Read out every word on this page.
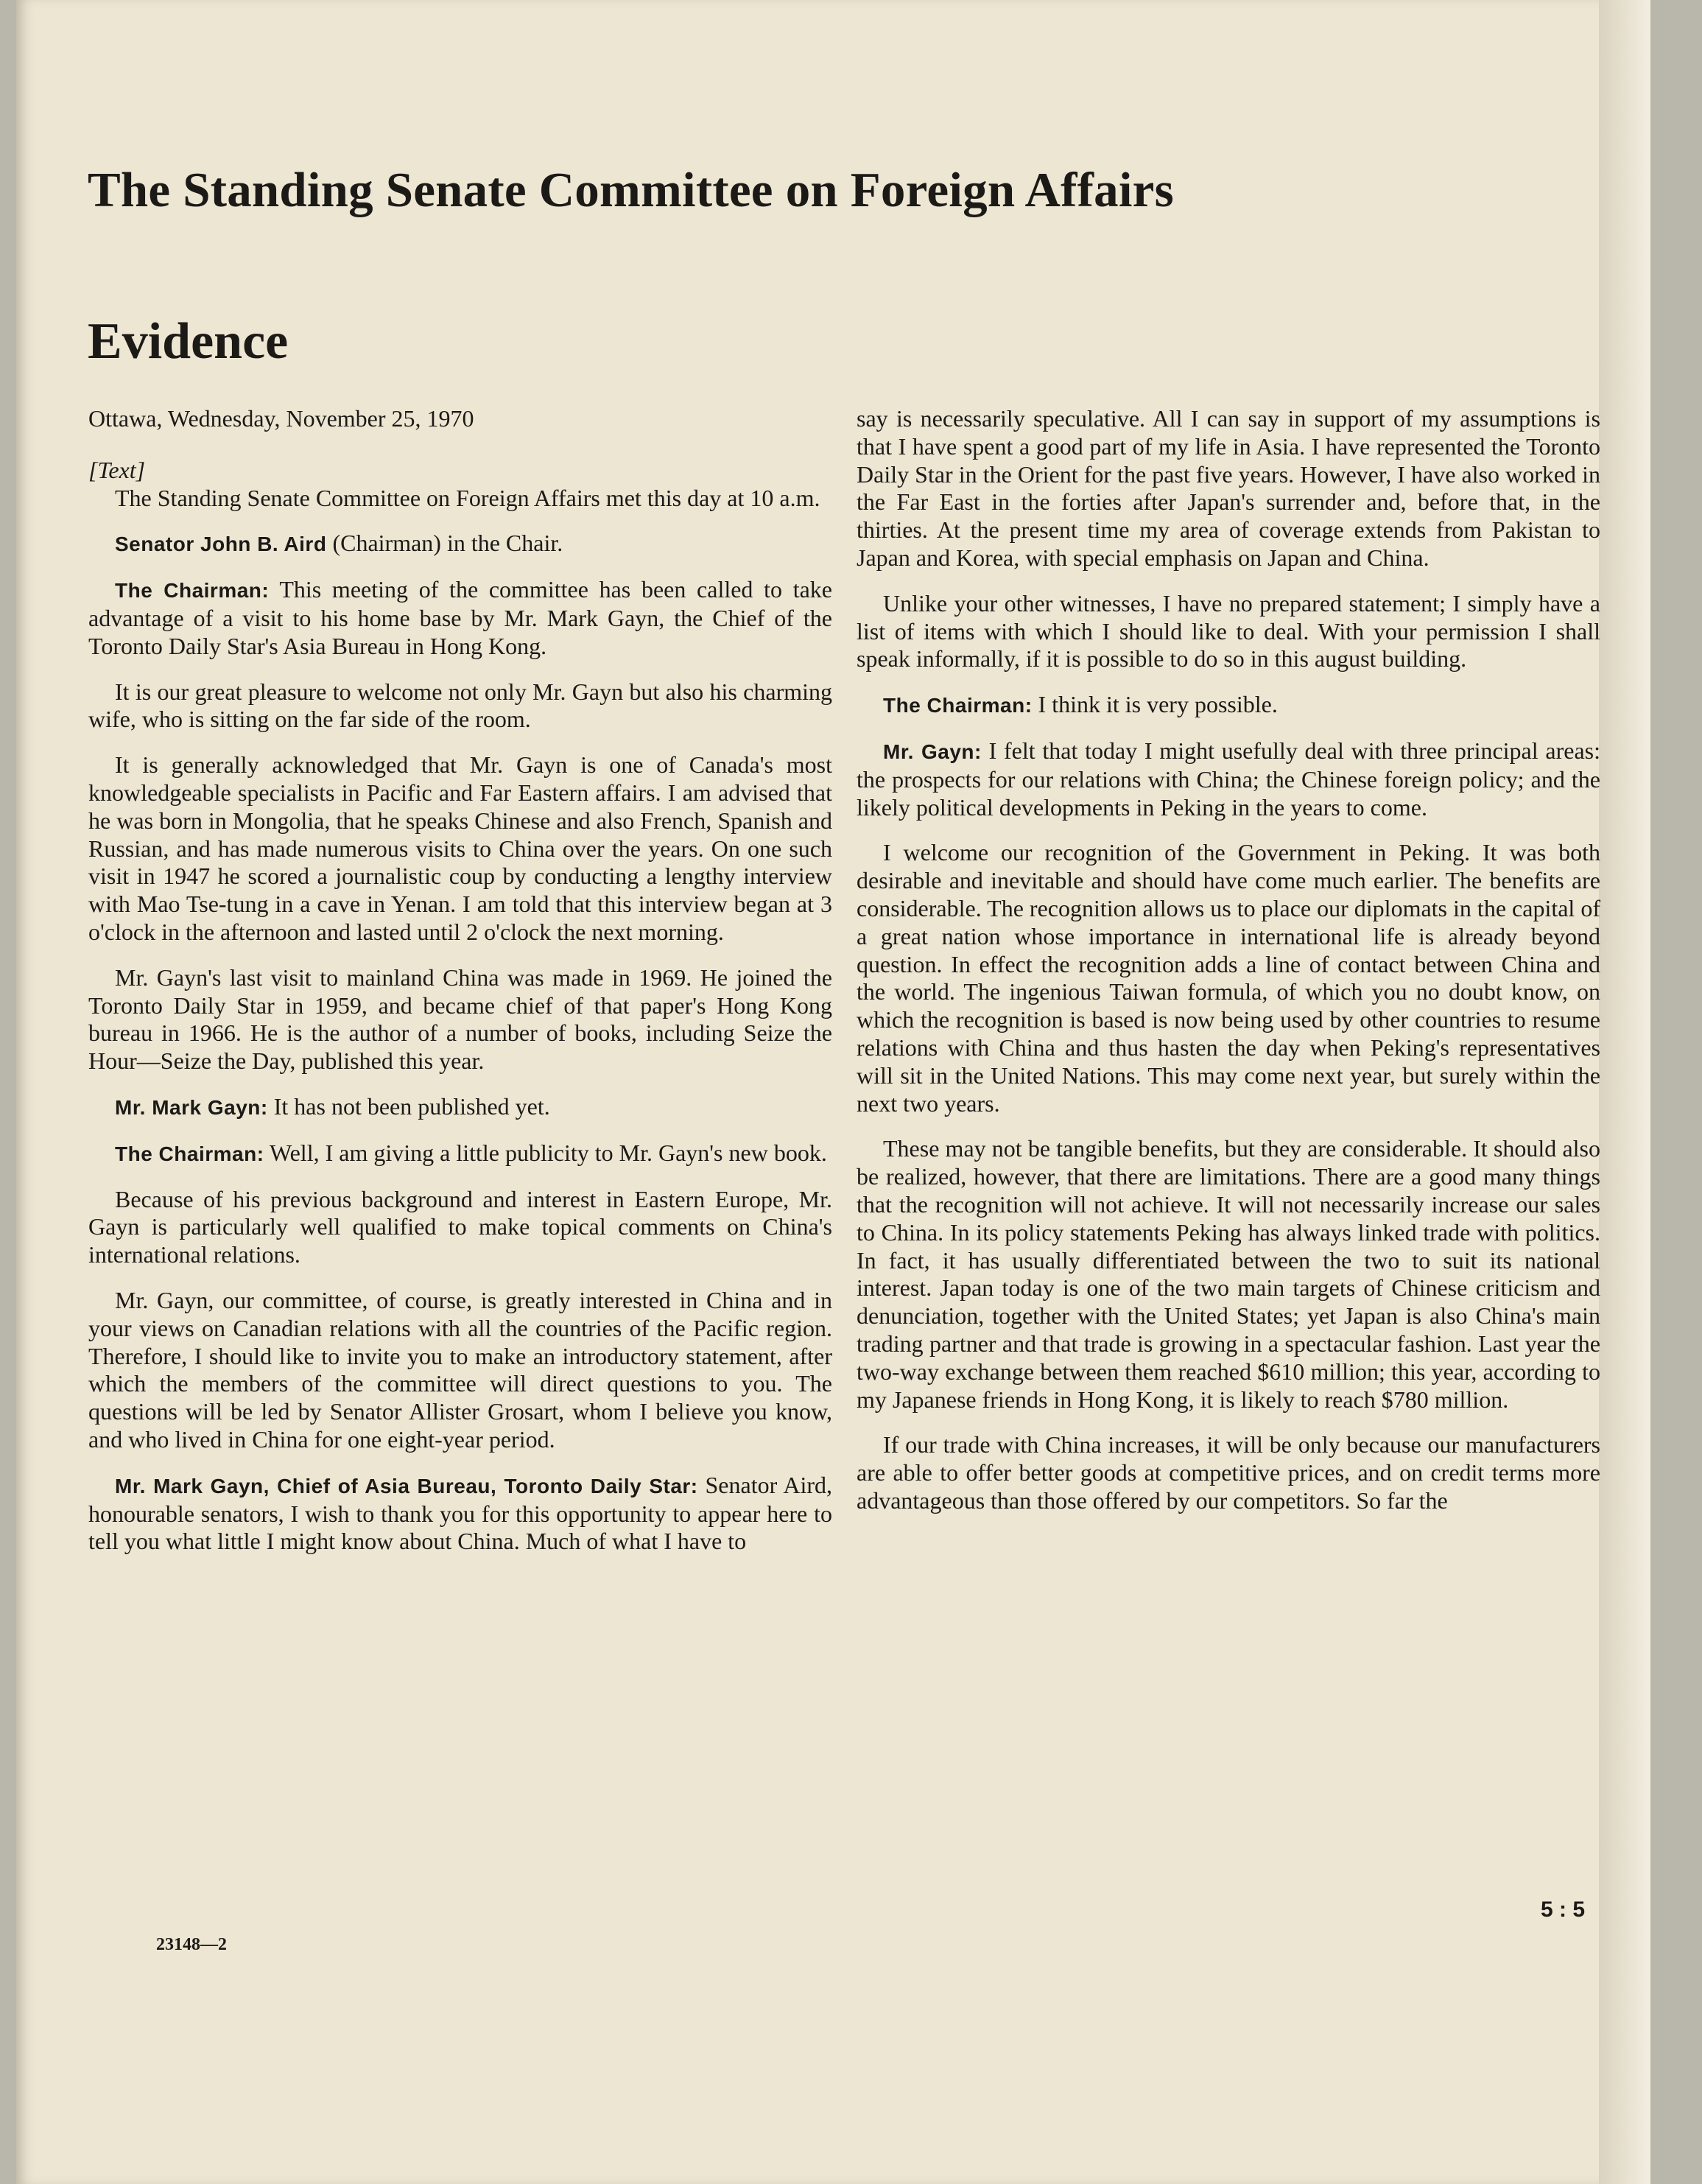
The Standing Senate Committee on Foreign Affairs
Evidence

Ottawa, Wednesday, November 25, 1970

[Text]

The Standing Senate Committee on Foreign Affairs met this day at 10 a.m.

Senator John B. Aird (Chairman) in the Chair.

The Chairman: This meeting of the committee has been called to take advantage of a visit to his home base by Mr. Mark Gayn, the Chief of the Toronto Daily Star's Asia Bureau in Hong Kong.

It is our great pleasure to welcome not only Mr. Gayn but also his charming wife, who is sitting on the far side of the room.

It is generally acknowledged that Mr. Gayn is one of Canada's most knowledgeable specialists in Pacific and Far Eastern affairs. I am advised that he was born in Mongolia, that he speaks Chinese and also French, Spanish and Russian, and has made numerous visits to China over the years. On one such visit in 1947 he scored a journalistic coup by conducting a lengthy interview with Mao Tse-tung in a cave in Yenan. I am told that this interview began at 3 o'clock in the afternoon and lasted until 2 o'clock the next morning.

Mr. Gayn's last visit to mainland China was made in 1969. He joined the Toronto Daily Star in 1959, and became chief of that paper's Hong Kong bureau in 1966. He is the author of a number of books, including Seize the Hour—Seize the Day, published this year.

Mr. Mark Gayn: It has not been published yet.

The Chairman: Well, I am giving a little publicity to Mr. Gayn's new book.

Because of his previous background and interest in Eastern Europe, Mr. Gayn is particularly well qualified to make topical comments on China's international relations.

Mr. Gayn, our committee, of course, is greatly interested in China and in your views on Canadian relations with all the countries of the Pacific region. Therefore, I should like to invite you to make an introductory statement, after which the members of the committee will direct questions to you. The questions will be led by Senator Allister Grosart, whom I believe you know, and who lived in China for one eight-year period.

Mr. Mark Gayn, Chief of Asia Bureau, Toronto Daily Star: Senator Aird, honourable senators, I wish to thank you for this opportunity to appear here to tell you what little I might know about China. Much of what I have to

say is necessarily speculative. All I can say in support of my assumptions is that I have spent a good part of my life in Asia. I have represented the Toronto Daily Star in the Orient for the past five years. However, I have also worked in the Far East in the forties after Japan's surrender and, before that, in the thirties. At the present time my area of coverage extends from Pakistan to Japan and Korea, with special emphasis on Japan and China.

Unlike your other witnesses, I have no prepared statement; I simply have a list of items with which I should like to deal. With your permission I shall speak informally, if it is possible to do so in this august building.

The Chairman: I think it is very possible.

Mr. Gayn: I felt that today I might usefully deal with three principal areas: the prospects for our relations with China; the Chinese foreign policy; and the likely political developments in Peking in the years to come.

I welcome our recognition of the Government in Peking. It was both desirable and inevitable and should have come much earlier. The benefits are considerable. The recognition allows us to place our diplomats in the capital of a great nation whose importance in international life is already beyond question. In effect the recognition adds a line of contact between China and the world. The ingenious Taiwan formula, of which you no doubt know, on which the recognition is based is now being used by other countries to resume relations with China and thus hasten the day when Peking's representatives will sit in the United Nations. This may come next year, but surely within the next two years.

These may not be tangible benefits, but they are considerable. It should also be realized, however, that there are limitations. There are a good many things that the recognition will not achieve. It will not necessarily increase our sales to China. In its policy statements Peking has always linked trade with politics. In fact, it has usually differentiated between the two to suit its national interest. Japan today is one of the two main targets of Chinese criticism and denunciation, together with the United States; yet Japan is also China's main trading partner and that trade is growing in a spectacular fashion. Last year the two-way exchange between them reached $610 million; this year, according to my Japanese friends in Hong Kong, it is likely to reach $780 million.

If our trade with China increases, it will be only because our manufacturers are able to offer better goods at competitive prices, and on credit terms more advantageous than those offered by our competitors. So far the

5 : 5
23148—2
